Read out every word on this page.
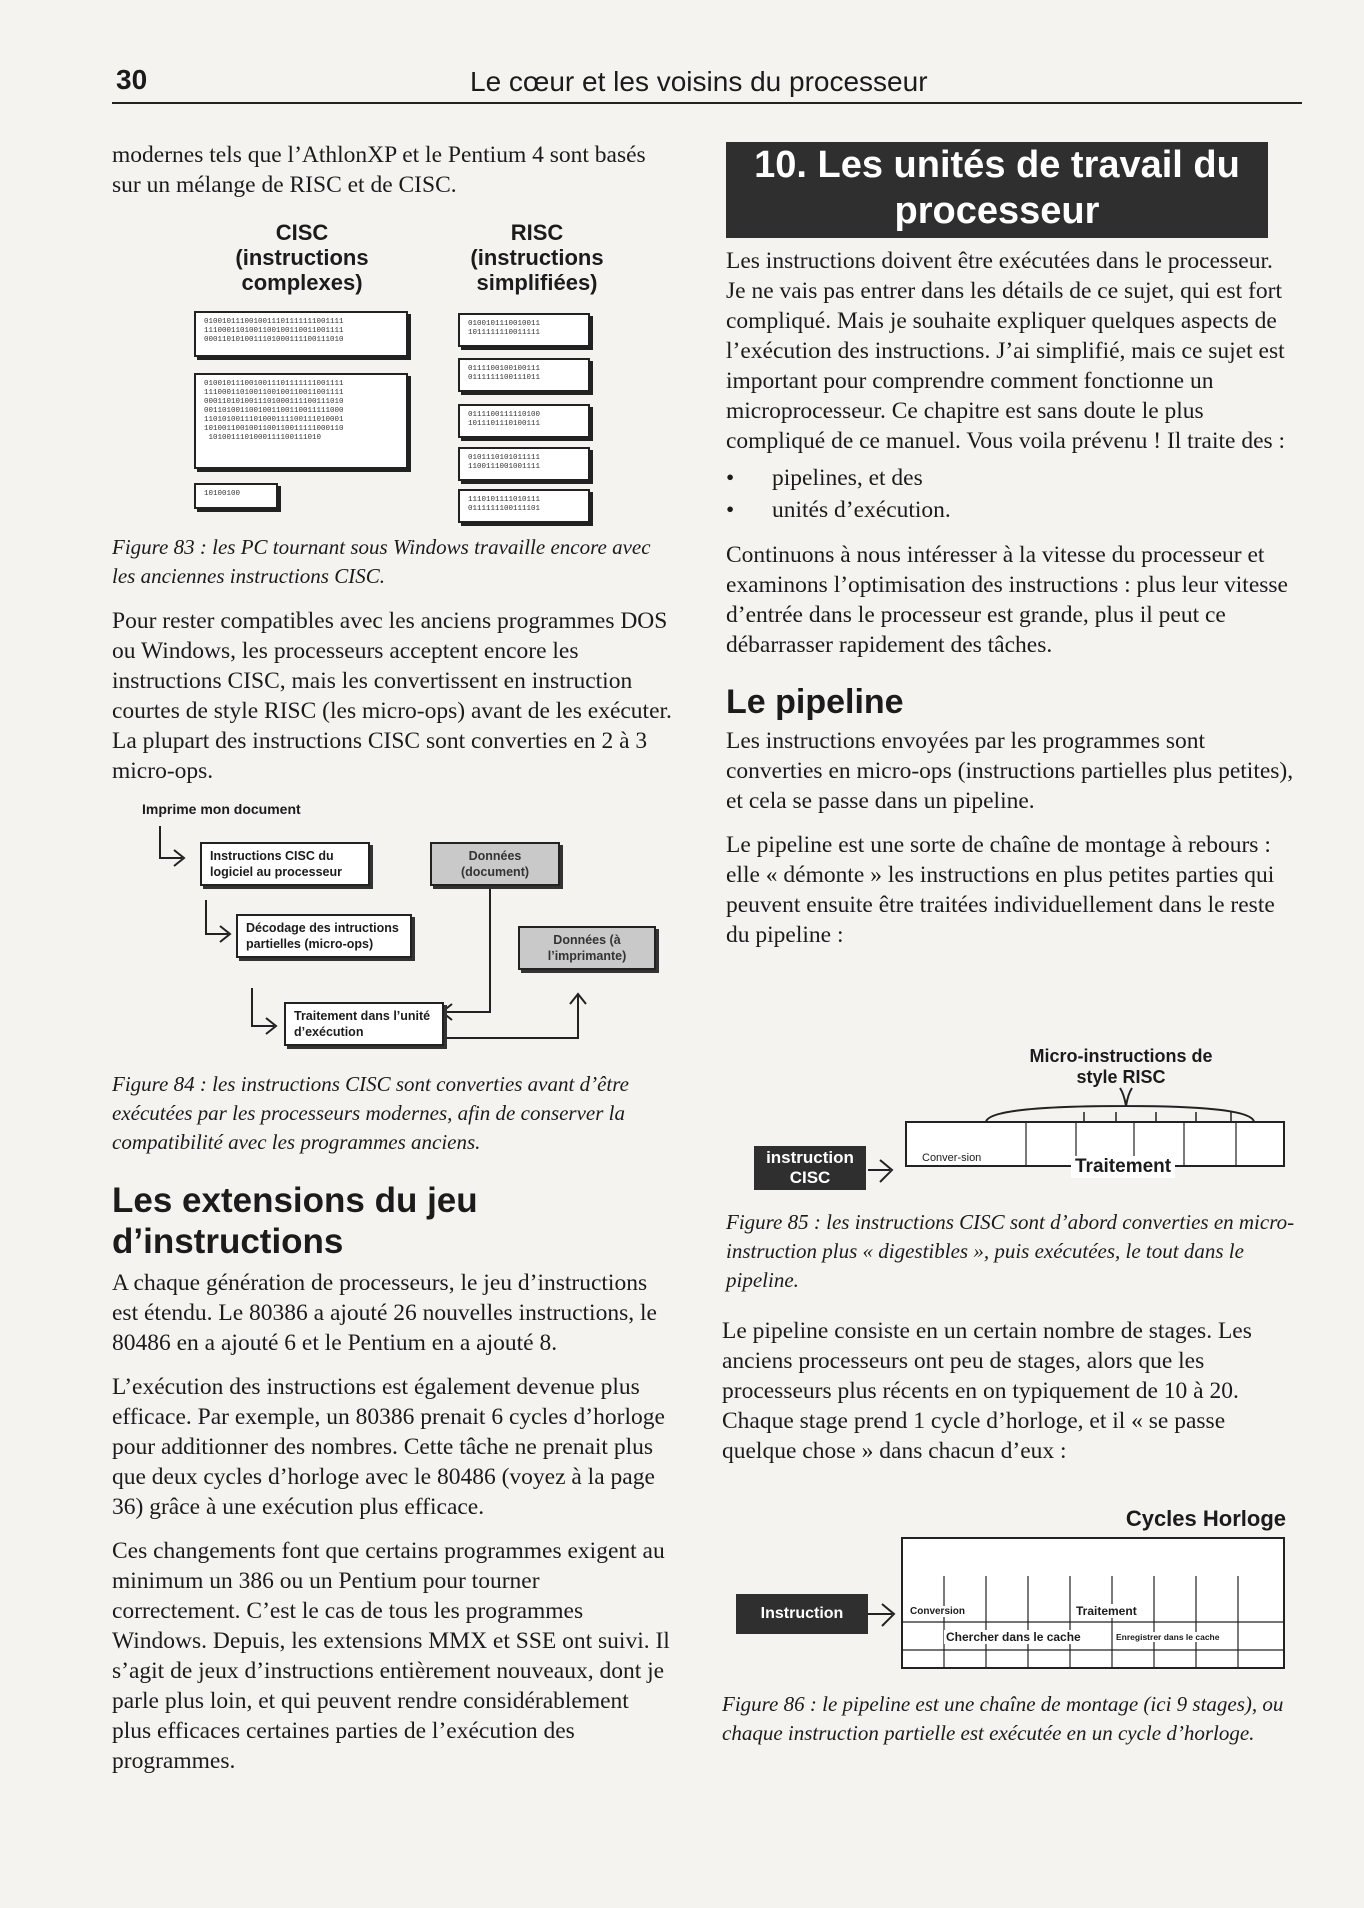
30	Le cœur et les voisins du processeur

modernes tels que l’AthlonXP et le Pentium 4 sont basés sur un mélange de RISC et de CISC.

CISC (instructions complexes)
RISC (instructions simplifiées)
0100101110010011101111111001111
1110001101001100100110011001111
0001101010011101000111100111010
0100101110010011101111111001111
1110001101001100100110011001111
0001101010011101000111100111010
0011010011001001100110011111000
1101010011101000111100111010001
1010011001001100110011111000110
1010011101000111100111010
10100100
0100101110010011
1011111110011111
0111100100100111
0111111100111011
0111100111110100
1011101110100111
0101110101011111
1100111001001111
1110101111010111
0111111100111101

Figure 83 : les PC tournant sous Windows travaille encore avec les anciennes instructions CISC.

Pour rester compatibles avec les anciens programmes DOS ou Windows, les processeurs acceptent encore les instructions CISC, mais les convertissent en instruction courtes de style RISC (les micro-ops) avant de les exécuter. La plupart des instructions CISC sont converties en 2 à 3 micro-ops.

Imprime mon document
Instructions CISC du logiciel au processeur
Données (document)
Décodage des intructions partielles (micro-ops)	Données (à l’imprimante)
Traitement dans l’unité d’exécution

Figure 84 : les instructions CISC sont converties avant d’être exécutées par les processeurs modernes, afin de conserver la compatibilité avec les programmes anciens.

Les extensions du jeu d’instructions

A chaque génération de processeurs, le jeu d’instructions est étendu. Le 80386 a ajouté 26 nouvelles instructions, le 80486 en a ajouté 6 et le Pentium en a ajouté 8.

L’exécution des instructions est également devenue plus efficace. Par exemple, un 80386 prenait 6 cycles d’horloge pour additionner des nombres. Cette tâche ne prenait plus que deux cycles d’horloge avec le 80486 (voyez à la page 36) grâce à une exécution plus efficace.

Ces changements font que certains programmes exigent au minimum un 386 ou un Pentium pour tourner correctement. C’est le cas de tous les programmes Windows. Depuis, les extensions MMX et SSE ont suivi. Il s’agit de jeux d’instructions entièrement nouveaux, dont je parle plus loin, et qui peuvent rendre considérablement plus efficaces certaines parties de l’exécution des programmes.

10. Les unités de travail du processeur

Les instructions doivent être exécutées dans le processeur. Je ne vais pas entrer dans les détails de ce sujet, qui est fort compliqué. Mais je souhaite expliquer quelques aspects de l’exécution des instructions. J’ai simplifié, mais ce sujet est important pour comprendre comment fonctionne un microprocesseur. Ce chapitre est sans doute le plus compliqué de ce manuel. Vous voila prévenu ! Il traite des :

• pipelines, et des
• unités d’exécution.

Continuons à nous intéresser à la vitesse du processeur et examinons l’optimisation des instructions : plus leur vitesse d’entrée dans le processeur est grande, plus il peut ce débarrasser rapidement des tâches.

Le pipeline

Les instructions envoyées par les programmes sont converties en micro-ops (instructions partielles plus petites), et cela se passe dans un pipeline.

Le pipeline est une sorte de chaîne de montage à rebours : elle « démonte » les instructions en plus petites parties qui peuvent ensuite être traitées individuellement dans le reste du pipeline :

Micro-instructions de style RISC
instruction CISC
Conver-sion	Traitement

Figure 85 : les instructions CISC sont d’abord converties en micro-instruction plus « digestibles », puis exécutées, le tout dans le pipeline.

Le pipeline consiste en un certain nombre de stages. Les anciens processeurs ont peu de stages, alors que les processeurs plus récents en on typiquement de 10 à 20. Chaque stage prend 1 cycle d’horloge, et il « se passe quelque chose » dans chacun d’eux :

Cycles Horloge
Instruction	Conversion	Traitement
Chercher dans le cache	Enregistrer dans le cache

Figure 86 : le pipeline est une chaîne de montage (ici 9 stages), ou chaque instruction partielle est exécutée en un cycle d’horloge.
